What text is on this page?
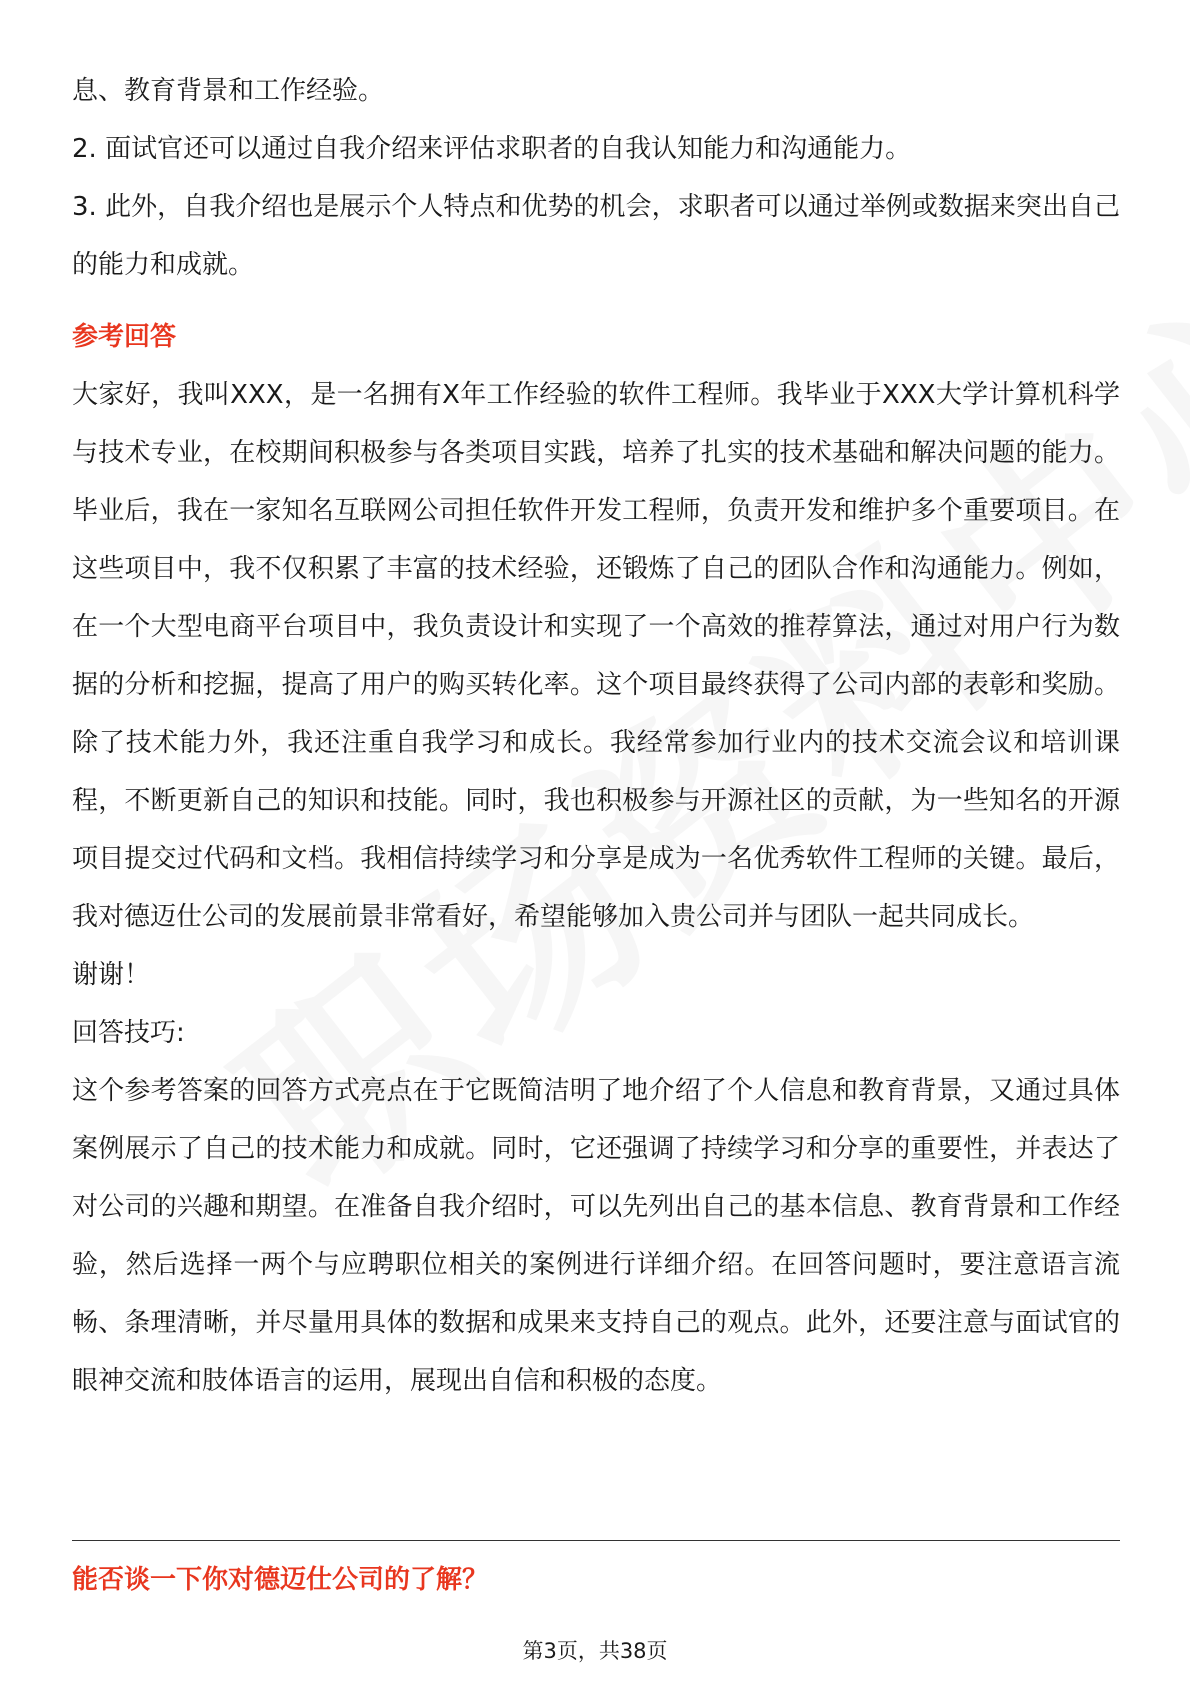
息、教育背景和工作经验。

2. 面试官还可以通过自我介绍来评估求职者的自我认知能力和沟通能力。

3. 此外，自我介绍也是展示个人特点和优势的机会，求职者可以通过举例或数据来突出自己的能力和成就。

参考回答

大家好，我叫XXX，是一名拥有X年工作经验的软件工程师。我毕业于XXX大学计算机科学与技术专业，在校期间积极参与各类项目实践，培养了扎实的技术基础和解决问题的能力。毕业后，我在一家知名互联网公司担任软件开发工程师，负责开发和维护多个重要项目。在这些项目中，我不仅积累了丰富的技术经验，还锻炼了自己的团队合作和沟通能力。例如，在一个大型电商平台项目中，我负责设计和实现了一个高效的推荐算法，通过对用户行为数据的分析和挖掘，提高了用户的购买转化率。这个项目最终获得了公司内部的表彰和奖励。除了技术能力外，我还注重自我学习和成长。我经常参加行业内的技术交流会议和培训课程，不断更新自己的知识和技能。同时，我也积极参与开源社区的贡献，为一些知名的开源项目提交过代码和文档。我相信持续学习和分享是成为一名优秀软件工程师的关键。最后，我对德迈仕公司的发展前景非常看好，希望能够加入贵公司并与团队一起共同成长。

谢谢！

回答技巧:

这个参考答案的回答方式亮点在于它既简洁明了地介绍了个人信息和教育背景，又通过具体案例展示了自己的技术能力和成就。同时，它还强调了持续学习和分享的重要性，并表达了对公司的兴趣和期望。在准备自我介绍时，可以先列出自己的基本信息、教育背景和工作经验，然后选择一两个与应聘职位相关的案例进行详细介绍。在回答问题时，要注意语言流畅、条理清晰，并尽量用具体的数据和成果来支持自己的观点。此外，还要注意与面试官的眼神交流和肢体语言的运用，展现出自信和积极的态度。

能否谈一下你对德迈仕公司的了解？

第3页，共38页
